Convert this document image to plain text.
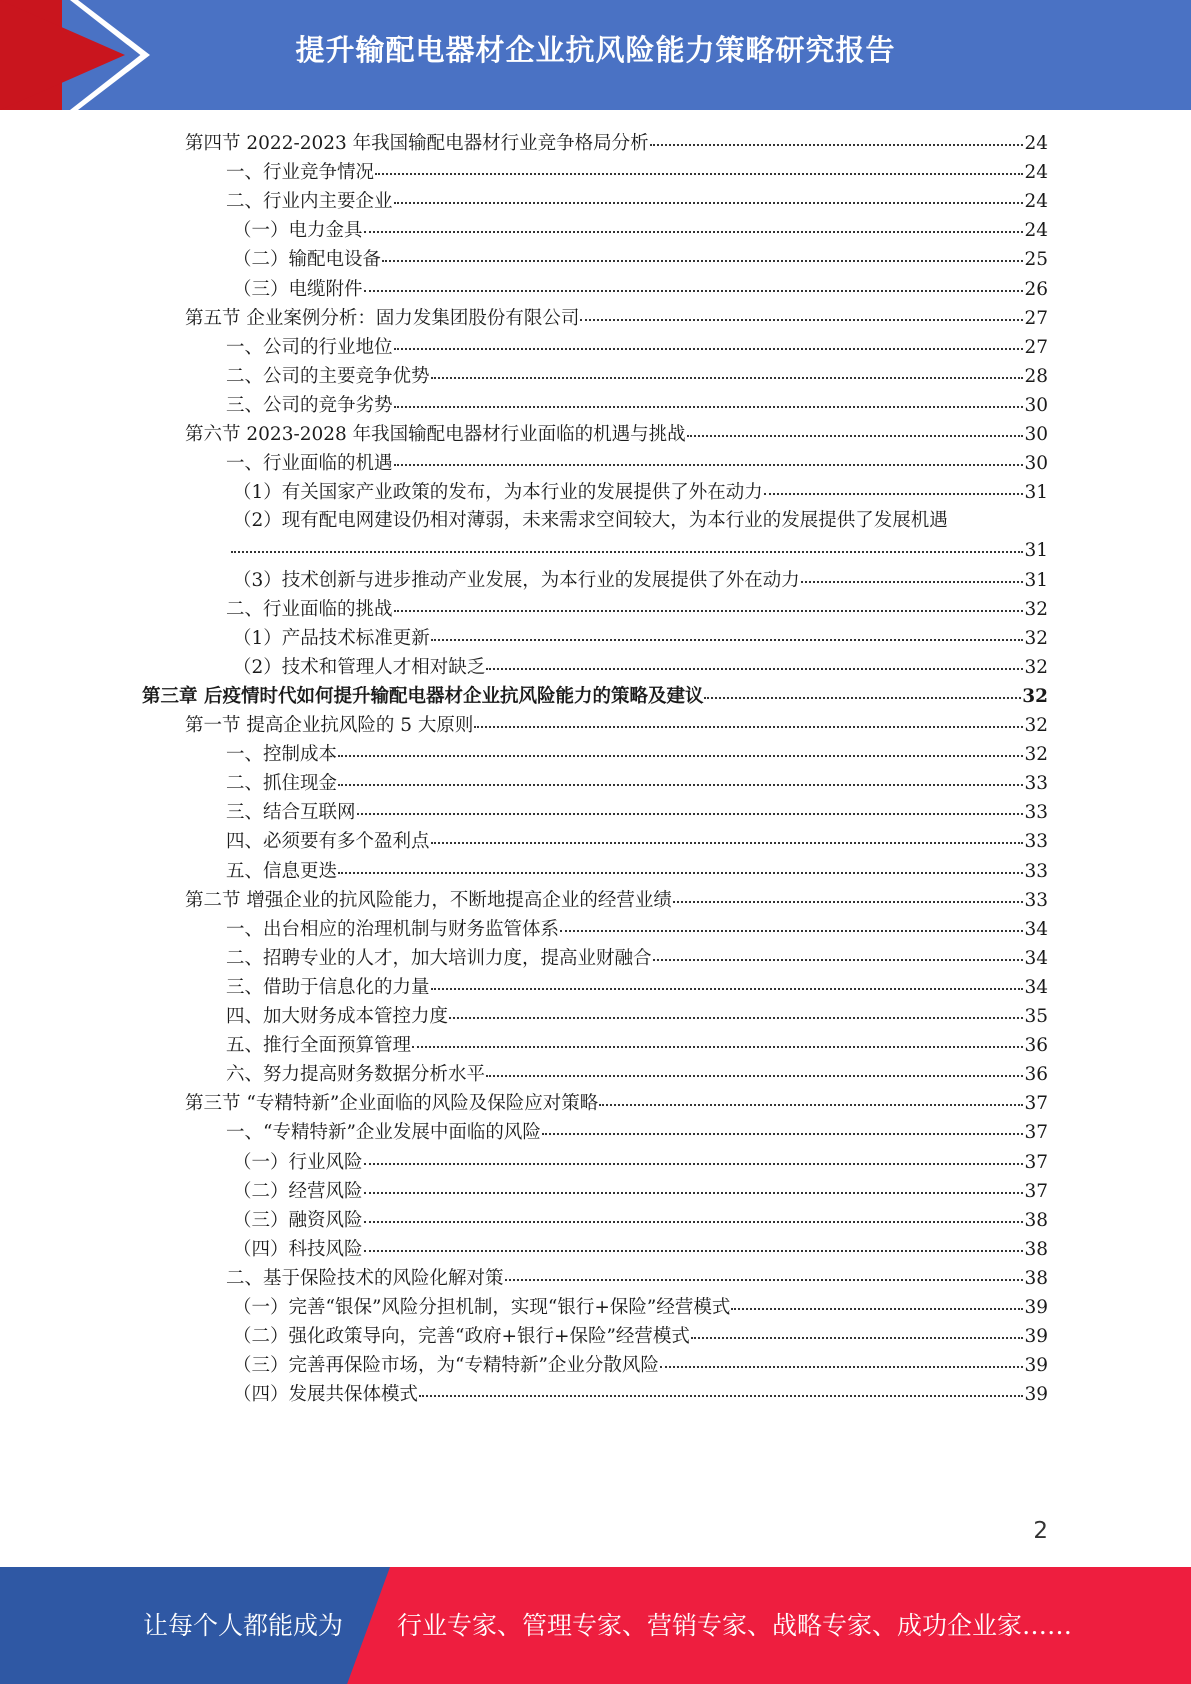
提升输配电器材企业抗风险能力策略研究报告
第四节 2022-2023 年我国输配电器材行业竞争格局分析	24
一、行业竞争情况	24
二、行业内主要企业	24
（一）电力金具	24
（二）输配电设备	25
（三）电缆附件	26
第五节 企业案例分析：固力发集团股份有限公司	27
一、公司的行业地位	27
二、公司的主要竞争优势	28
三、公司的竞争劣势	30
第六节 2023-2028 年我国输配电器材行业面临的机遇与挑战	30
一、行业面临的机遇	30
（1）有关国家产业政策的发布，为本行业的发展提供了外在动力	31
（2）现有配电网建设仍相对薄弱，未来需求空间较大，为本行业的发展提供了发展机遇
31
（3）技术创新与进步推动产业发展，为本行业的发展提供了外在动力	31
二、行业面临的挑战	32
（1）产品技术标准更新	32
（2）技术和管理人才相对缺乏	32
第三章 后疫情时代如何提升输配电器材企业抗风险能力的策略及建议	32
第一节 提高企业抗风险的 5 大原则	32
一、控制成本	32
二、抓住现金	33
三、结合互联网	33
四、必须要有多个盈利点	33
五、信息更迭	33
第二节 增强企业的抗风险能力，不断地提高企业的经营业绩	33
一、出台相应的治理机制与财务监管体系	34
二、招聘专业的人才，加大培训力度，提高业财融合	34
三、借助于信息化的力量	34
四、加大财务成本管控力度	35
五、推行全面预算管理	36
六、努力提高财务数据分析水平	36
第三节 “专精特新”企业面临的风险及保险应对策略	37
一、“专精特新”企业发展中面临的风险	37
（一）行业风险	37
（二）经营风险	37
（三）融资风险	38
（四）科技风险	38
二、基于保险技术的风险化解对策	38
（一）完善“银保”风险分担机制，实现“银行+保险”经营模式	39
（二）强化政策导向，完善“政府+银行+保险”经营模式	39
（三）完善再保险市场，为“专精特新”企业分散风险	39
（四）发展共保体模式	39
2
让每个人都能成为 行业专家、管理专家、营销专家、战略专家、成功企业家……
